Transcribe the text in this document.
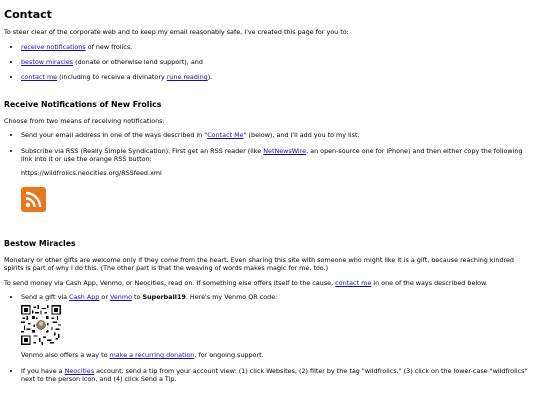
Contact

To steer clear of the corporate web and to keep my email reasonably safe, I've created this page for you to:

• receive notifications of new frolics,
• bestow miracles (donate or otherwise lend support), and
• contact me (including to receive a divinatory rune reading).
Receive Notifications of New Frolics

Choose from two means of receiving notifications:

• Send your email address in one of the ways described in "Contact Me" (below), and I'll add you to my list.
• Subscribe via RSS (Really Simple Syndication). First get an RSS reader (like NetNewsWire, an open-source one for iPhone) and then either copy the following link into it or use the orange RSS button:
https://wildfrolics.neocities.org/RSSfeed.xml
Bestow Miracles

Monetary or other gifts are welcome only if they come from the heart. Even sharing this site with someone who might like it is a gift, because reaching kindred spirits is part of why I do this. (The other part is that the weaving of words makes magic for me, too.)

To send money via Cash App, Venmo, or Neocities, read on. If something else offers itself to the cause, contact me in one of the ways described below.

• Send a gift via Cash App or Venmo to Superball19. Here's my Venmo QR code:
Venmo also offers a way to make a recurring donation, for ongoing support.
• If you have a Neocities account, send a tip from your account view: (1) click Websites, (2) filter by the tag "wildfrolics," (3) click on the lower-case "wildfrolics" next to the person icon, and (4) click Send a Tip.
